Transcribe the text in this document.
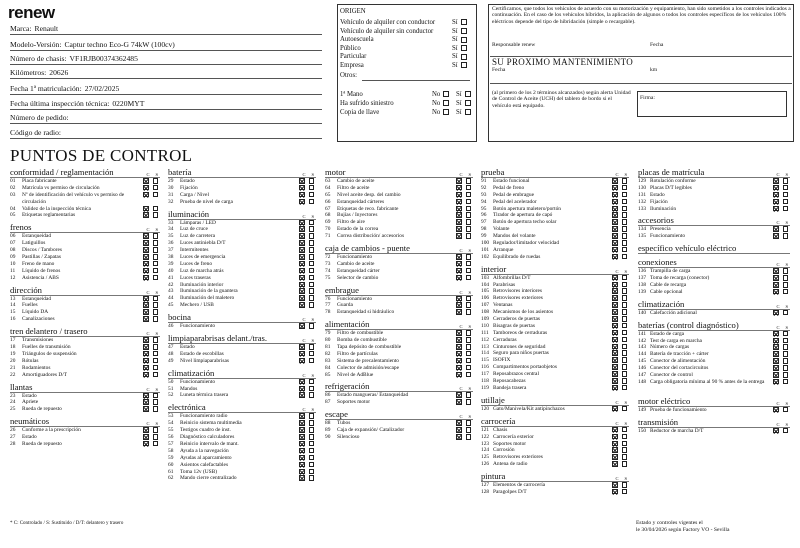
renew
Marca: Renault
Modelo-Versión: Captur techno Eco-G 74kW (100cv)
Número de chasis: VF1RJB00374362485
Kilómetros: 20626
Fecha 1ª matriculación: 27/02/2025
Fecha última inspección técnica: 0220MYT
Número de pedido:
Código de radio:
ORIGEN
Vehículo de alquiler con conductor Sí
Vehículo de alquiler sin conductor	Sí
Autoescuela	Sí
Público	Sí
Particular	Sí
Empresa	Sí
Otros:
1ª Mano	No	Sí
Ha sufrido siniestro	No	Sí
Copia de llave	No	Sí
Certificamos, que todos los vehículos de acuerdo con su motorización y equipamiento, han sido sometidos a los controles indicados a continuación. En el caso de los vehículos híbridos, la aplicación de algunos o todos los controles específicos de los vehículos 100% eléctricos depende del tipo de hibridación (simple o recargable).
Responsable renew	Fecha
SU PROXIMO MANTENIMIENTO
Fecha	km
(al primero de los 2 términos alcanzados) según alerta Unidad de Control de Aceite (UCH) del tablero de bordo si el vehículo está equipado.
Firma:
PUNTOS DE CONTROL
conformidad / reglamentación	C S
01	Placa fabricante
02	Matrícula vs permiso de circulación
03	Nº de identificación del vehículo vs permiso de circulación
04	Validez de la inspección técnica
05	Etiquetas reglamentarias
frenos	C S
06	Estanqueidad
07	Latiguillos
08	Discos / Tambores
09	Pastillas / Zapatas
10	Freno de mano
11	Líquido de frenos
12	Asistencia / ABS
dirección	C S
13	Estanqueidad
14	Fuelles
15	Líquido DA
16	Canalizaciones
tren delantero / trasero	C S
17	Transmisiones
18	Fuelles de transmisión
19	Triángulos de suspensión
20	Rótulas
21	Rodamientos
22	Amortiguadores D/T
llantas	C S
23	Estado
24	Apriete
25	Rueda de repuesto
neumáticos	C S
26	Conforme a la prescripción
27	Estado
28	Rueda de repuesto
batería	C S
29	Estado
30	Fijación
31	Carga / Nivel
32	Prueba de nivel de carga
iluminación	C S
33	Lámparas / LED
34	Luz de cruce
35	Luz de carretera
36	Luces antiniebla D/T
37	Intermitentes
38	Luces de emergencia
39	Luces de freno
40	Luz de marcha atrás
41	Luces traseras
42	Iluminación interior
43	Iluminación de la guantera
44	Iluminación del maletero
45	Mechero / USB
bocina	C S
46	Funcionamiento
limpiaparabrisas delant./tras.	C S
47	Estado
48	Estado de escobillas
49	Nivel limpiaparabrisas
climatización	C S
50	Funcionamiento
51	Mandos
52	Luneta térmica trasera
electrónica	C S
53	Funcionamiento radio
54	Reinicio sistema multimedia
55	Testigos cuadro de inst.
56	Diagnóstico calculadores
57	Reinicio intervalo de mant.
58	Ayuda a la navegación
59	Ayudas al aparcamiento
60	Asientos calefactables
61	Toma 12v (USB)
62	Mando cierre centralizado
motor	C S
63	Cambio de aceite
64	Filtro de aceite
65	Nivel aceite desp. del cambio
66	Estanqueidad cárteres
67	Etiquetas de reco. fabricante
68	Bujías / Inyectores
69	Filtro de aire
70	Estado de la correa
71	Correa distribución/ accesorios
caja de cambios - puente	C S
72	Funcionamiento
73	Cambio de aceite
74	Estanqueidad cárter
75	Selector de cambio
embrague	C S
76	Funcionamiento
77	Guarda
78	Estanqueidad si hidráulico
alimentación	C S
79	Filtro de combustible
80	Bomba de combustible
81	Tapa depósito de combustible
82	Filtro de partículas
83	Sistema de precalentamiento
84	Colector de admisión/escape
85	Nivel de AdBlue
refrigeración	C S
86	Estado mangueras/ Estanqueidad
87	Soportes motor
escape	C S
88	Tubos
89	Caja de expansión/ Catalizador
90	Silencioso
prueba	C S
91	Estado funcional
92	Pedal de freno
93	Pedal de embrague
94	Pedal del acelerador
95	Botón apertura maletero/portón
96	Tirador de apertura de capó
97	Botón de apertura techo solar
98	Volante
99	Mandos del volante
100 Regulador/limitador velocidad
101 Arranque
102 Equilibrado de ruedas
interior	C S
103 Alfombrillas D/T
104 Parabrisas
105 Retrovisores interiores
106 Retrovisores exteriores
107 Ventanas
108 Mecanismos de los asientos
109 Cerraderos de puertas
110 Bisagras de puertas
111 Tamboreos de cerraduras
112 Cerraduras
113 Cinturones de seguridad
114 Seguro para niños puertas
115 ISOFIX
116 Compartimentos portaobjetos
117 Reposabrazos central
118 Reposacabezas
119 Bandeja trasera
utillaje	C S
120 Gato/Manivela/Kit antipinchazos
carrocería	C S
121 Chasis
122 Carrocería exterior
123 Soportes motor
124 Corrosión
125 Retrovisores exteriores
126 Antena de radio
pintura	C S
127 Elementos de carrocería
128 Paragolpes D/T
placas de matrícula	C S
129 Rotulación conforme
130 Placas D/T legibles
131 Estado
132 Fijación
133 Iluminación
accesorios	C S
134 Presencia
135 Funcionamiento
específico vehículo eléctrico
conexiones	C S
136 Trampilla de carga
137 Toma de recarga (conector)
138 Cable de recarga
139 Cable opcional
climatización	C S
140 Calefacción adicional
baterías (control diagnóstico)	C S
141 Estado de carga
142 Test de carga en marcha
143 Número de cargas
144 Batería de tracción + cárter
145 Conector de alimentación
146 Conector del cortacircuitos
147 Conector de control
148 Carga obligatoria mínima al 90 % antes de la entrega
motor eléctrico	C S
149 Prueba de funcionamiento
transmisión	C S
150 Reductor de marcha D/T
* C: Controlado / S: Sustituido / D/T: delantero y trasero	Estado y controles vigentes el
le 30/04/2026 según Factory VO - Sevilla
